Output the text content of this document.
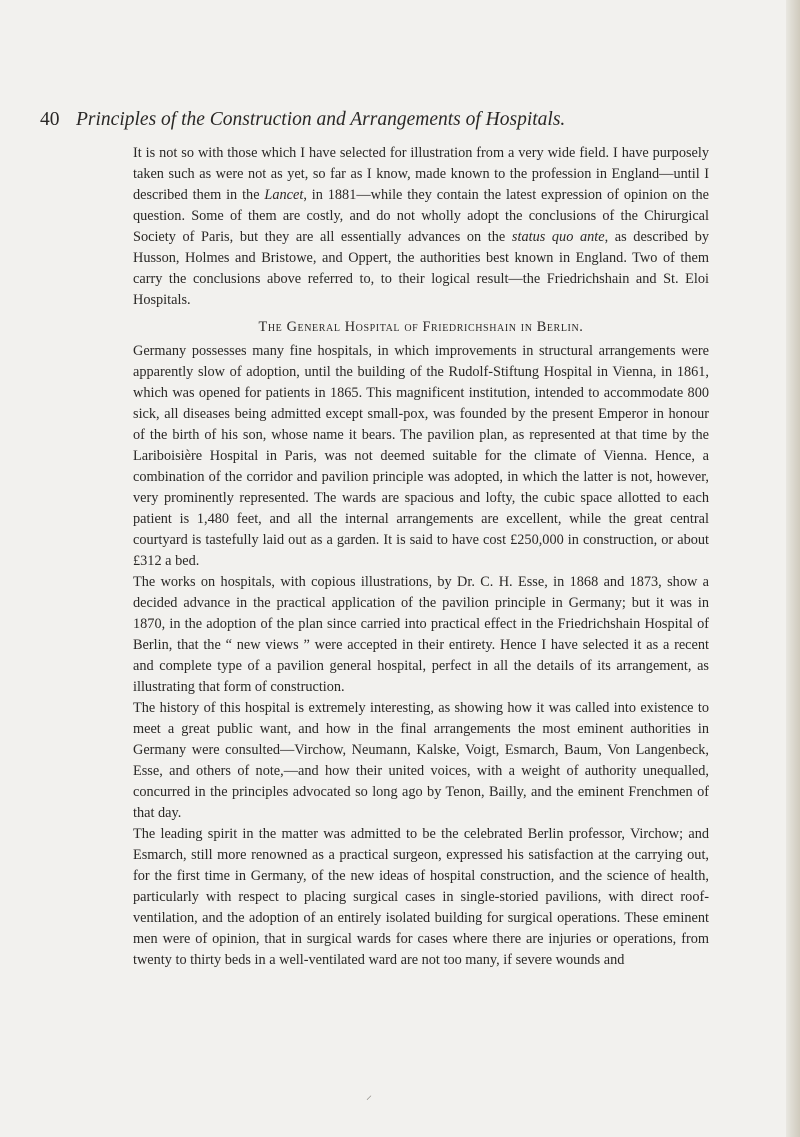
40 Principles of the Construction and Arrangements of Hospitals.

It is not so with those which I have selected for illustration from a very wide field. I have purposely taken such as were not as yet, so far as I know, made known to the profession in England—until I described them in the Lancet, in 1881—while they contain the latest expression of opinion on the question. Some of them are costly, and do not wholly adopt the conclusions of the Chirurgical Society of Paris, but they are all essentially advances on the status quo ante, as described by Husson, Holmes and Bristowe, and Oppert, the authorities best known in England. Two of them carry the conclusions above referred to, to their logical result—the Friedrichshain and St. Eloi Hospitals.

The General Hospital of Friedrichshain in Berlin.

Germany possesses many fine hospitals, in which improvements in structural arrangements were apparently slow of adoption, until the building of the Rudolf-Stiftung Hospital in Vienna, in 1861, which was opened for patients in 1865. This magnificent institution, intended to accommodate 800 sick, all diseases being admitted except small-pox, was founded by the present Emperor in honour of the birth of his son, whose name it bears. The pavilion plan, as represented at that time by the Lariboisière Hospital in Paris, was not deemed suitable for the climate of Vienna. Hence, a combination of the corridor and pavilion principle was adopted, in which the latter is not, however, very prominently represented. The wards are spacious and lofty, the cubic space allotted to each patient is 1,480 feet, and all the internal arrangements are excellent, while the great central courtyard is tastefully laid out as a garden. It is said to have cost £250,000 in construction, or about £312 a bed.

The works on hospitals, with copious illustrations, by Dr. C. H. Esse, in 1868 and 1873, show a decided advance in the practical application of the pavilion principle in Germany; but it was in 1870, in the adoption of the plan since carried into practical effect in the Friedrichshain Hospital of Berlin, that the “ new views ” were accepted in their entirety. Hence I have selected it as a recent and complete type of a pavilion general hospital, perfect in all the details of its arrangement, as illustrating that form of construction.

The history of this hospital is extremely interesting, as showing how it was called into existence to meet a great public want, and how in the final arrangements the most eminent authorities in Germany were consulted—Virchow, Neumann, Kalske, Voigt, Esmarch, Baum, Von Langenbeck, Esse, and others of note,—and how their united voices, with a weight of authority unequalled, concurred in the principles advocated so long ago by Tenon, Bailly, and the eminent Frenchmen of that day.

The leading spirit in the matter was admitted to be the celebrated Berlin professor, Virchow; and Esmarch, still more renowned as a practical surgeon, expressed his satisfaction at the carrying out, for the first time in Germany, of the new ideas of hospital construction, and the science of health, particularly with respect to placing surgical cases in single-storied pavilions, with direct roof-ventilation, and the adoption of an entirely isolated building for surgical operations. These eminent men were of opinion, that in surgical wards for cases where there are injuries or operations, from twenty to thirty beds in a well-ventilated ward are not too many, if severe wounds and

⸝
